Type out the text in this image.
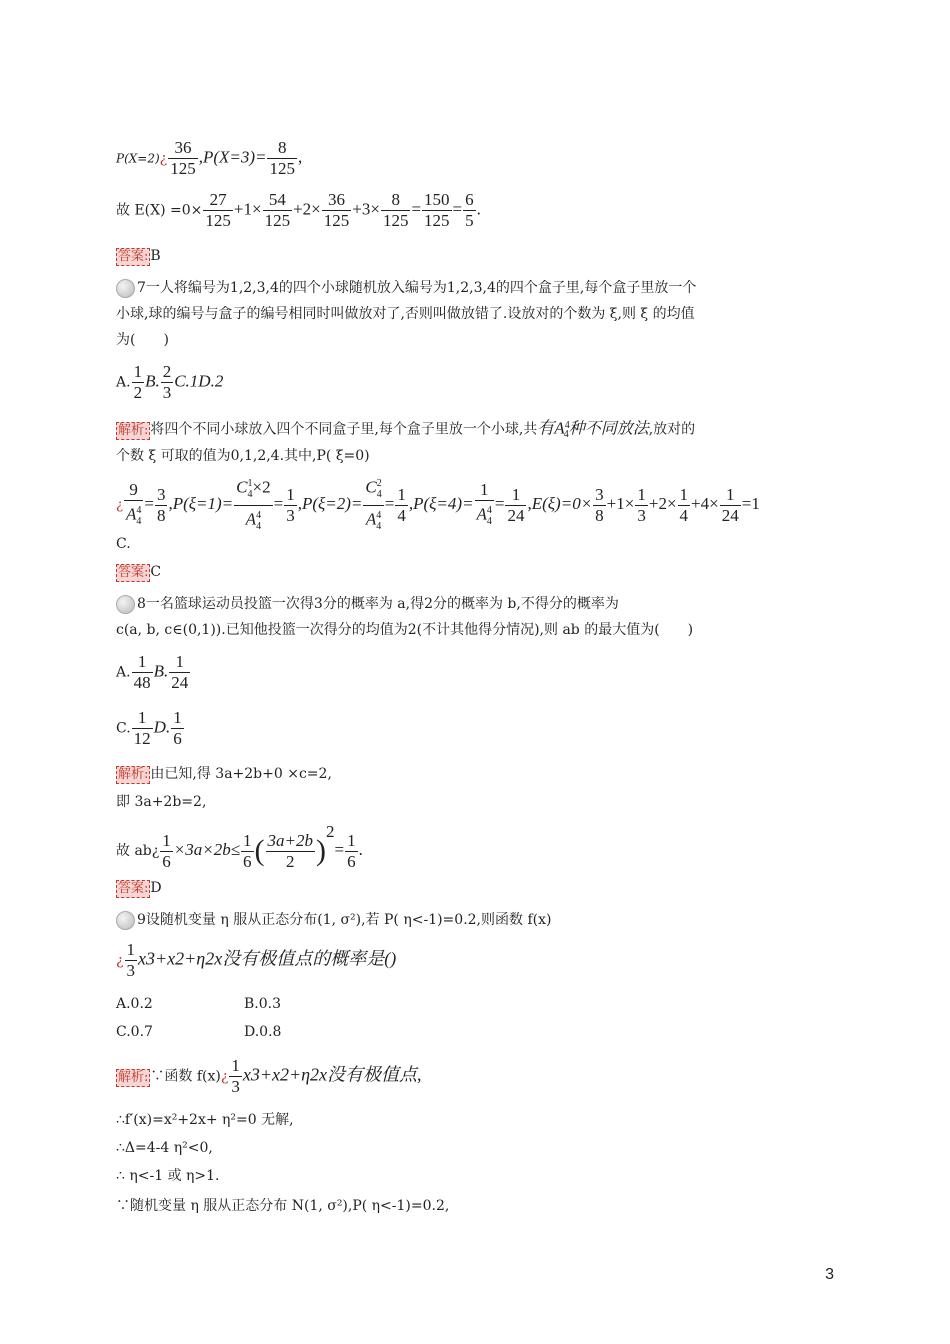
P(X=2)¿ $\frac{36}{125} ,P(X=3)= \frac{8}{125}$ ,
故 $E(X) =0\times \frac{27}{125} +1\times \frac{54}{125} +2\times \frac{36}{125} +3\times \frac{8}{125} = \frac{150}{125} = \frac{6}{5}$ .
答案: B
7一人将编号为1,2,3,4的四个小球随机放入编号为1,2,3,4的四个盒子里,每个盒子里放一个
小球,球的编号与盒子的编号相同时叫做放对了,否则叫做放错了.设放对的个数为 ξ,则 ξ 的均值
为(　　)
A. $\frac{1}{2} B$. $\frac{2}{3} C.1D.2$
解析: 将四个不同小球放入四个不同盒子里,每个盒子里放一个小球,共有$A^4_4$种不同放法,放对的
个数 ξ 可取的值为0,1,2,4.其中,P( ξ=0)
¿ $\frac{9}{A_4^4} = \frac{3}{8} ,P(\xi=1)= \frac{C_4^1\times 2}{A_4^4} = \frac{1}{3} ,P(\xi=2)= \frac{C_4^2}{A_4^4} = \frac{1}{4} ,P(\xi=4)= \frac{1}{A_4^4} = \frac{1}{24} ,E(\xi)=0\times \frac{3}{8} +1\times \frac{1}{3} +2\times \frac{1}{4} +4\times \frac{1}{24} =1$
C.
答案: C
8一名篮球运动员投篮一次得3分的概率为 a,得2分的概率为 b,不得分的概率为
c(a, b, c∈(0,1)).已知他投篮一次得分的均值为2(不计其他得分情况),则 ab 的最大值为(　　)
A. $\frac{1}{48} B$. $\frac{1}{24}$
C. $\frac{1}{12} D$. $\frac{1}{6}$
解析: 由已知,得 3a+2b+0 ×c=2,
即 3a+2b=2,
故 ab¿ $\frac{1}{6} \times 3a\times 2b\le \frac{1}{6}$ ( $\frac{3a+2b}{2} )^2= \frac{1}{6}$ .
答案: D
9设随机变量 η 服从正态分布(1, σ²),若 P( η<-1)=0.2,则函数 f(x)
¿ $\frac{1}{3} x3+x2+\eta 2x$没有极值点的概率是()
A.0.2	B.0.3
C.0.7	D.0.8
解析: ∵函数 f(x)¿ $\frac{1}{3} x3+x2+\eta 2x$没有极值点,
∴f′(x)=x²+2x+ η²=0 无解,
∴Δ=4-4 η²<0,
∴ η<-1 或 η>1.
∵随机变量 η 服从正态分布 N(1, σ²),P( η<-1)=0.2,
3
